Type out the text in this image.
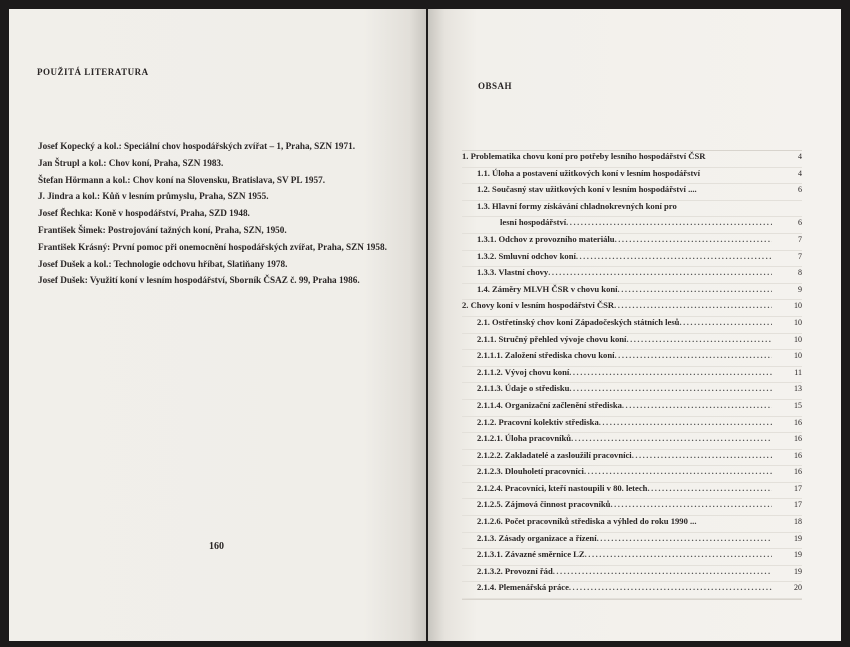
POUŽITÁ LITERATURA
Josef Kopecký a kol.: Speciální chov hospodářských zvířat – 1, Praha, SZN 1971.
Jan Štrupl a kol.: Chov koní, Praha, SZN 1983.
Štefan Hörmann a kol.: Chov koní na Slovensku, Bratislava, SV PL 1957.
J. Jindra a kol.: Kůň v lesním průmyslu, Praha, SZN 1955.
Josef Řechka: Koně v hospodářství, Praha, SZD 1948.
František Šimek: Postrojování tažných koní, Praha, SZN, 1950.
František Krásný: První pomoc při onemocnění hospodářských zvířat, Praha, SZN 1958.
Josef Dušek a kol.: Technologie odchovu hříbat, Slatiňany 1978.
Josef Dušek: Využití koní v lesním hospodářství, Sborník ČSAZ č. 99, Praha 1986.
160
OBSAH
1. Problematika chovu koní pro potřeby lesního hospodářství ČSR	4
1.1. Úloha a postavení užitkových koní v lesním hospodářství	4
1.2. Současný stav užitkových koní v lesním hospodářství ....	6
1.3. Hlavní formy získávání chladnokrevných koní pro
lesní hospodářství .....	6
1.3.1. Odchov z provozního materiálu .....	7
1.3.2. Smluvní odchov koní .....	7
1.3.3. Vlastní chovy .....	8
1.4. Záměry MLVH ČSR v chovu koní .....	9
2. Chovy koní v lesním hospodářství ČSR .....	10
2.1. Ostřetínský chov koní Západočeských státních lesů .....	10
2.1.1. Stručný přehled vývoje chovu koní .....	10
2.1.1.1. Založení střediska chovu koní .....	10
2.1.1.2. Vývoj chovu koní .....	11
2.1.1.3. Údaje o středisku .....	13
2.1.1.4. Organizační začlenění střediska .....	15
2.1.2. Pracovní kolektiv střediska .....	16
2.1.2.1. Úloha pracovníků .....	16
2.1.2.2. Zakladatelé a zasloužilí pracovníci .....	16
2.1.2.3. Dlouholetí pracovníci .....	16
2.1.2.4. Pracovníci, kteří nastoupili v 80. letech .....	17
2.1.2.5. Zájmová činnost pracovníků .....	17
2.1.2.6. Počet pracovníků střediska a výhled do roku 1990 ...	18
2.1.3. Zásady organizace a řízení .....	19
2.1.3.1. Závazné směrnice LZ .....	19
2.1.3.2. Provozní řád .....	19
2.1.4. Plemenářská práce .....	20
